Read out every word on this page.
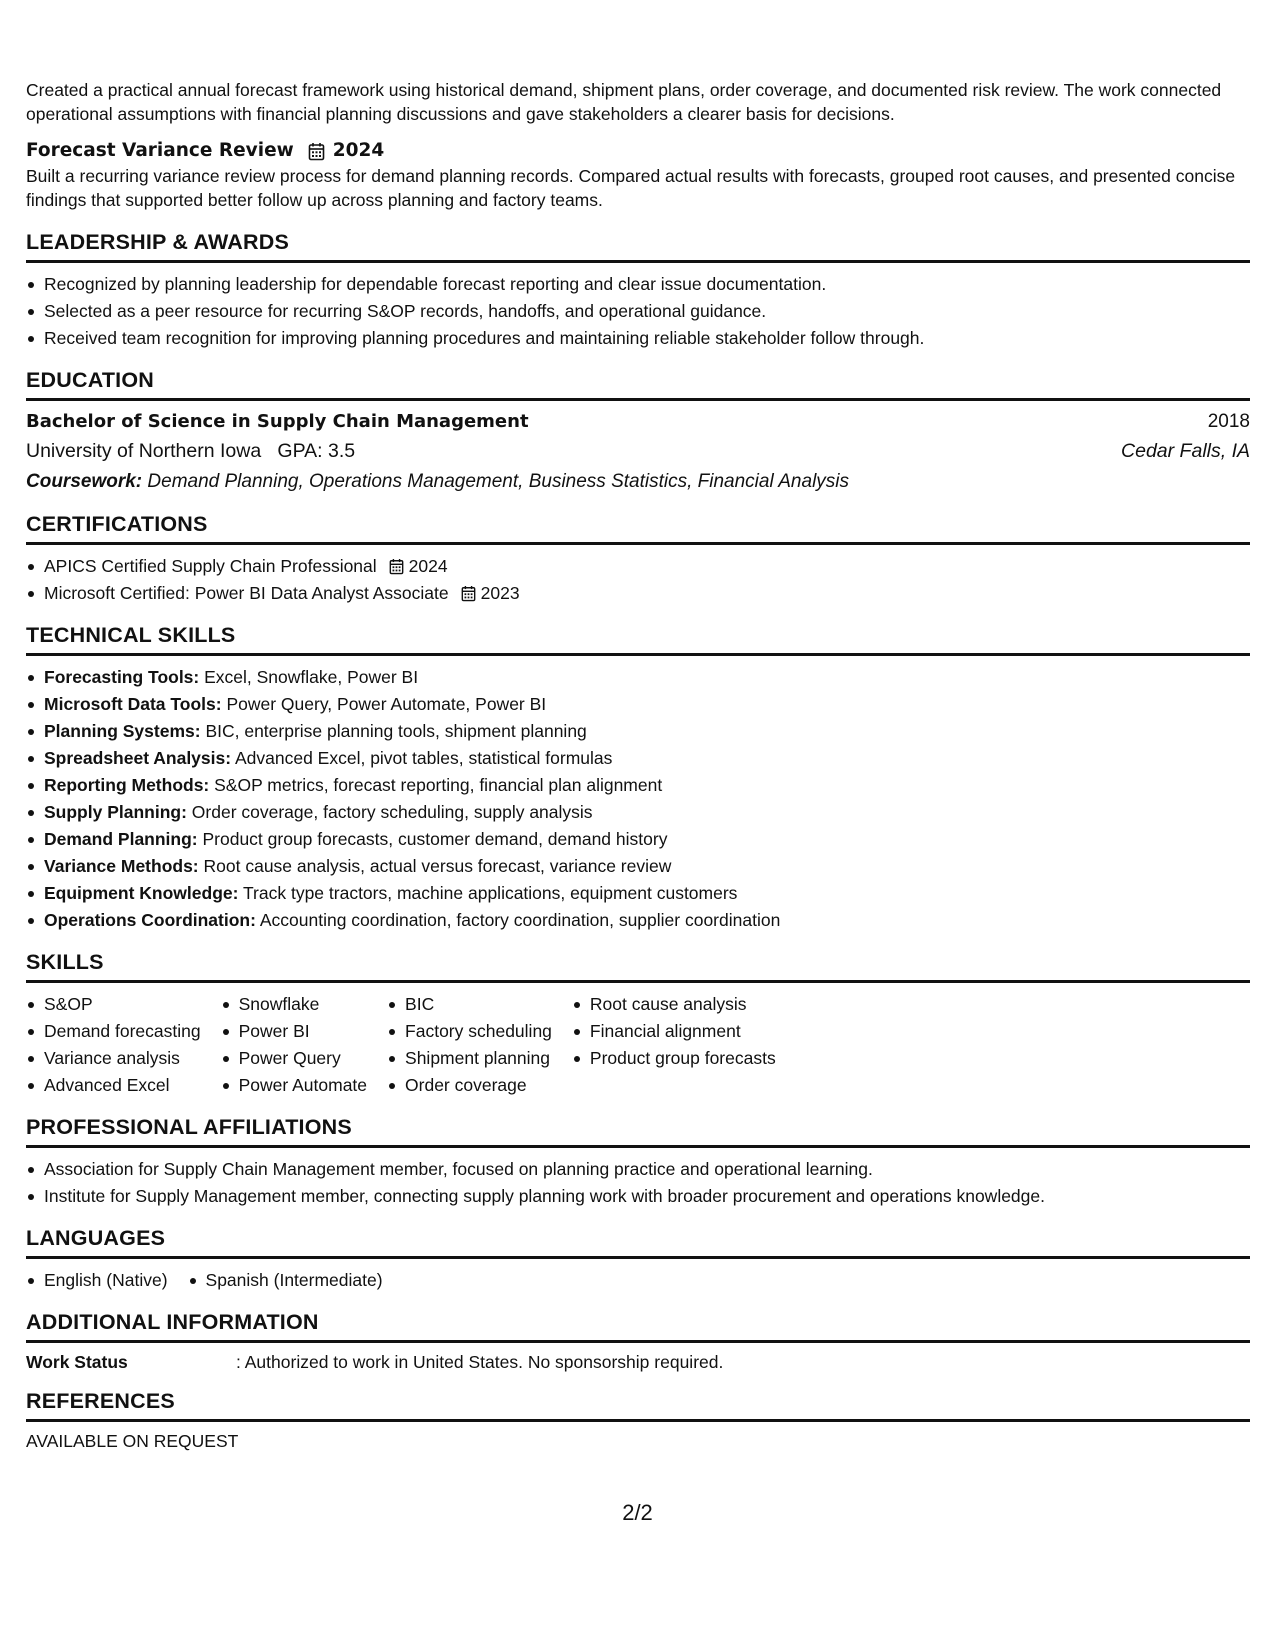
Created a practical annual forecast framework using historical demand, shipment plans, order coverage, and documented risk review. The work connected operational assumptions with financial planning discussions and gave stakeholders a clearer basis for decisions.

Forecast Variance Review 2024

Built a recurring variance review process for demand planning records. Compared actual results with forecasts, grouped root causes, and presented concise findings that supported better follow up across planning and factory teams.

LEADERSHIP & AWARDS
Recognized by planning leadership for dependable forecast reporting and clear issue documentation.
Selected as a peer resource for recurring S&OP records, handoffs, and operational guidance.
Received team recognition for improving planning procedures and maintaining reliable stakeholder follow through.
EDUCATION
Bachelor of Science in Supply Chain Management	2018
University of Northern Iowa   GPA: 3.5	Cedar Falls, IA
Coursework: Demand Planning, Operations Management, Business Statistics, Financial Analysis
CERTIFICATIONS
APICS Certified Supply Chain Professional 2024
Microsoft Certified: Power BI Data Analyst Associate 2023
TECHNICAL SKILLS
Forecasting Tools: Excel, Snowflake, Power BI
Microsoft Data Tools: Power Query, Power Automate, Power BI
Planning Systems: BIC, enterprise planning tools, shipment planning
Spreadsheet Analysis: Advanced Excel, pivot tables, statistical formulas
Reporting Methods: S&OP metrics, forecast reporting, financial plan alignment
Supply Planning: Order coverage, factory scheduling, supply analysis
Demand Planning: Product group forecasts, customer demand, demand history
Variance Methods: Root cause analysis, actual versus forecast, variance review
Equipment Knowledge: Track type tractors, machine applications, equipment customers
Operations Coordination: Accounting coordination, factory coordination, supplier coordination
SKILLS
S&OP
Demand forecasting
Variance analysis
Advanced Excel
Snowflake
Power BI
Power Query
Power Automate
BIC
Factory scheduling
Shipment planning
Order coverage
Root cause analysis
Financial alignment
Product group forecasts
PROFESSIONAL AFFILIATIONS
Association for Supply Chain Management member, focused on planning practice and operational learning.
Institute for Supply Management member, connecting supply planning work with broader procurement and operations knowledge.
LANGUAGES
English (Native)	Spanish (Intermediate)
ADDITIONAL INFORMATION
Work Status	: Authorized to work in United States. No sponsorship required.
REFERENCES
AVAILABLE ON REQUEST
2/2
